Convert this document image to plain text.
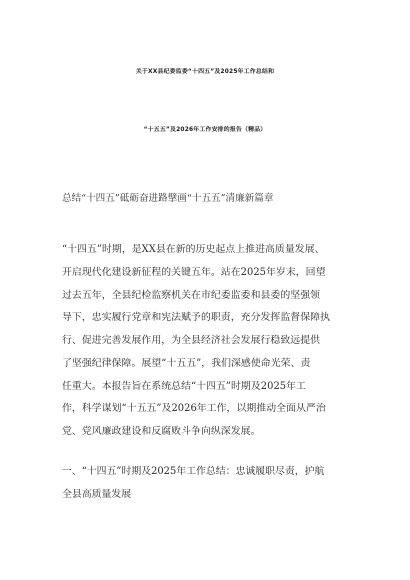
关于XX县纪委监委“十四五”及2025年工作总结和
“十五五”及2026年工作安排的报告（精品）
总结“十四五”砥砺奋进路擘画“十五五”清廉新篇章
“十四五”时期，是XX县在新的历史起点上推进高质量发展、
开启现代化建设新征程的关键五年。站在2025年岁末，回望
过去五年，全县纪检监察机关在市纪委监委和县委的坚强领
导下，忠实履行党章和宪法赋予的职责，充分发挥监督保障执
行、促进完善发展作用，为全县经济社会发展行稳致远提供
了坚强纪律保障。展望“十五五”，我们深感使命光荣、责
任重大。本报告旨在系统总结“十四五”时期及2025年工
作，科学谋划“十五五”及2026年工作，以期推动全面从严治
党、党风廉政建设和反腐败斗争向纵深发展。
一、“十四五”时期及2025年工作总结：忠诚履职尽责，护航
全县高质量发展
